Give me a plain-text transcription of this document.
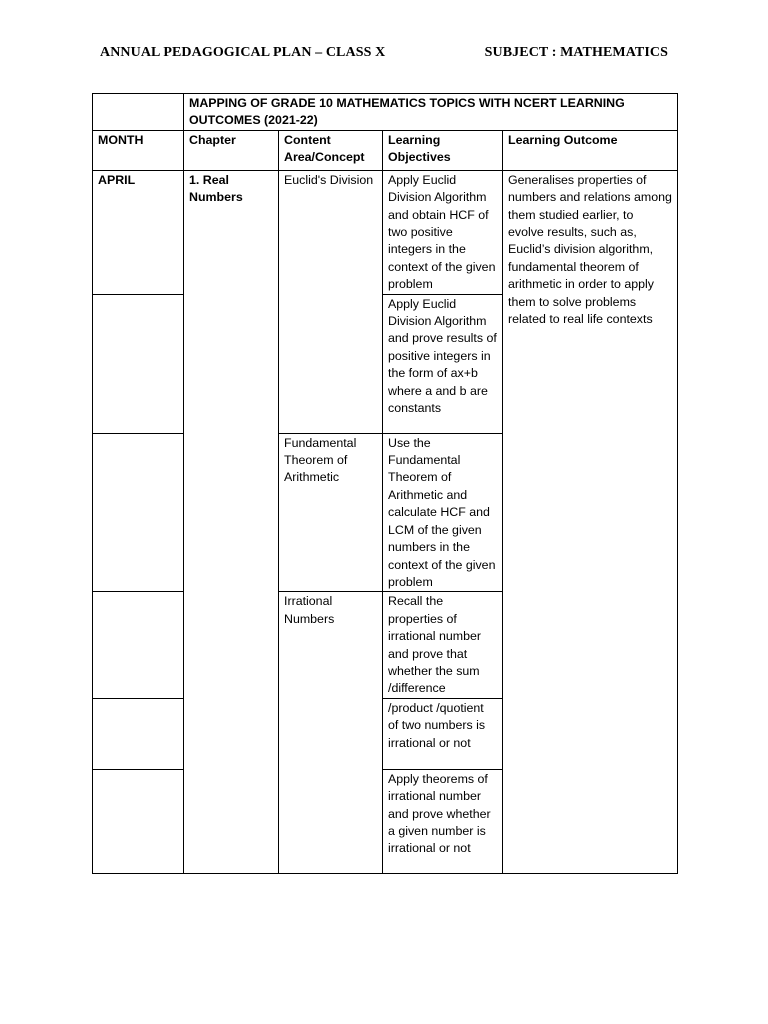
ANNUAL PEDAGOGICAL PLAN – CLASS X	SUBJECT : MATHEMATICS
	MAPPING OF GRADE 10 MATHEMATICS TOPICS WITH NCERT LEARNING OUTCOMES (2021-22)			
MONTH	Chapter	Content Area/Concept	Learning Objectives	Learning Outcome
APRIL	1. Real Numbers	Euclid's Division	Apply Euclid Division Algorithm and obtain HCF of two positive integers in the context of the given problem	Generalises properties of numbers and relations among them studied earlier, to evolve results, such as, Euclid’s division algorithm, fundamental theorem of arithmetic in order to apply them to solve problems related to real life contexts
			Apply Euclid Division Algorithm and prove results of positive integers in the form of ax+b where a and b are constants	
		Fundamental Theorem of Arithmetic	Use the Fundamental Theorem of Arithmetic and calculate HCF and LCM of the given numbers in the context of the given problem	
		Irrational Numbers	Recall the properties of irrational number and prove that whether the sum /difference	
			/product /quotient of two numbers is irrational or not	
			Apply theorems of irrational number and prove whether a given number is irrational or not	
